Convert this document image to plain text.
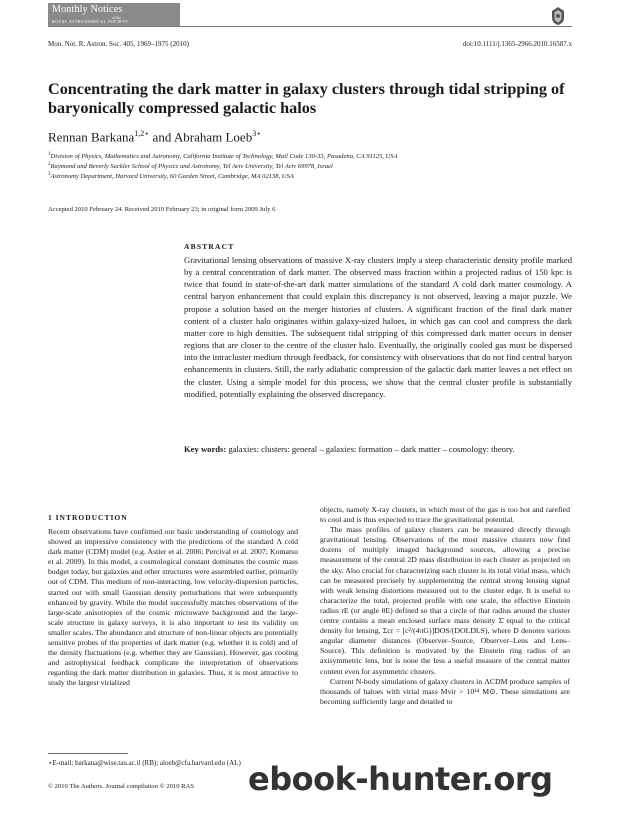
Monthly Notices
of the
ROYAL ASTRONOMICAL SOCIETY
Mon. Not. R. Astron. Soc. 405, 1969–1975 (2010)	doi:10.1111/j.1365-2966.2010.16587.x
Concentrating the dark matter in galaxy clusters through tidal stripping of baryonically compressed galactic halos
Rennan Barkana$^{1,2⋆}$ and Abraham Loeb$^{3⋆}$
$^1$Division of Physics, Mathematics and Astronomy, California Institute of Technology, Mail Code 130-33, Pasadena, CA 91125, USA
$^2$Raymond and Beverly Sackler School of Physics and Astronomy, Tel Aviv University, Tel Aviv 69978, Israel
$^3$Astronomy Department, Harvard University, 60 Garden Street, Cambridge, MA 02138, USA
Accepted 2010 February 24. Received 2010 February 23; in original form 2009 July 6
ABSTRACT
Gravitational lensing observations of massive X-ray clusters imply a steep characteristic density profile marked by a central concentration of dark matter. The observed mass fraction within a projected radius of 150 kpc is twice that found in state-of-the-art dark matter simulations of the standard Λ cold dark matter cosmology. A central baryon enhancement that could explain this discrepancy is not observed, leaving a major puzzle. We propose a solution based on the merger histories of clusters. A significant fraction of the final dark matter content of a cluster halo originates within galaxy-sized haloes, in which gas can cool and compress the dark matter core to high densities. The subsequent tidal stripping of this compressed dark matter occurs in denser regions that are closer to the centre of the cluster halo. Eventually, the originally cooled gas must be dispersed into the intracluster medium through feedback, for consistency with observations that do not find central baryon enhancements in clusters. Still, the early adiabatic compression of the galactic dark matter leaves a net effect on the cluster. Using a simple model for this process, we show that the central cluster profile is substantially modified, potentially explaining the observed discrepancy.
Key words: galaxies: clusters: general – galaxies: formation – dark matter – cosmology: theory.
1 INTRODUCTION

Recent observations have confirmed our basic understanding of cosmology and showed an impressive consistency with the predictions of the standard Λ cold dark matter (CDM) model (e.g. Astier et al. 2006; Percival et al. 2007; Komatsu et al. 2009). In this model, a cosmological constant dominates the cosmic mass budget today, but galaxies and other structures were assembled earlier, primarily out of CDM. This medium of non-interacting, low velocity-dispersion particles, started out with small Gaussian density perturbations that were subsequently enhanced by gravity. While the model successfully matches observations of the large-scale anisotropies of the cosmic microwave background and the large-scale structure in galaxy surveys, it is also important to test its validity on smaller scales. The abundance and structure of non-linear objects are potentially sensitive probes of the properties of dark matter (e.g. whether it is cold) and of the density fluctuations (e.g. whether they are Gaussian). However, gas cooling and astrophysical feedback complicate the interpretation of observations regarding the dark matter distribution in galaxies. Thus, it is most attractive to study the largest virialized

objects, namely X-ray clusters, in which most of the gas is too hot and rarefied to cool and is thus expected to trace the gravitational potential.

The mass profiles of galaxy clusters can be measured directly through gravitational lensing. Observations of the most massive clusters now find dozens of multiply imaged background sources, allowing a precise measurement of the central 2D mass distribution in each cluster as projected on the sky. Also crucial for characterizing each cluster is its total virial mass, which can be measured precisely by supplementing the central strong lensing signal with weak lensing distortions measured out to the cluster edge. It is useful to characterize the total, projected profile with one scale, the effective Einstein radius rE (or angle θE) defined so that a circle of that radius around the cluster centre contains a mean enclosed surface mass density Σ̄ equal to the critical density for lensing, Σcr = [c²/(4πG)]DOS/(DOLDLS), where D denotes various angular diameter distances (Observer–Source, Observer–Lens and Lens–Source). This definition is motivated by the Einstein ring radius of an axisymmetric lens, but is none the less a useful measure of the central matter content even for asymmetric clusters.

Current N-body simulations of galaxy clusters in ΛCDM produce samples of thousands of haloes with virial mass Mvir > 10¹⁴ M⊙. These simulations are becoming sufficiently large and detailed to

⋆E-mail: barkana@wise.tau.ac.il (RB); aloeb@cfa.harvard.edu (AL)
© 2010 The Authors. Journal compilation © 2010 RAS ebook-hunter.org
